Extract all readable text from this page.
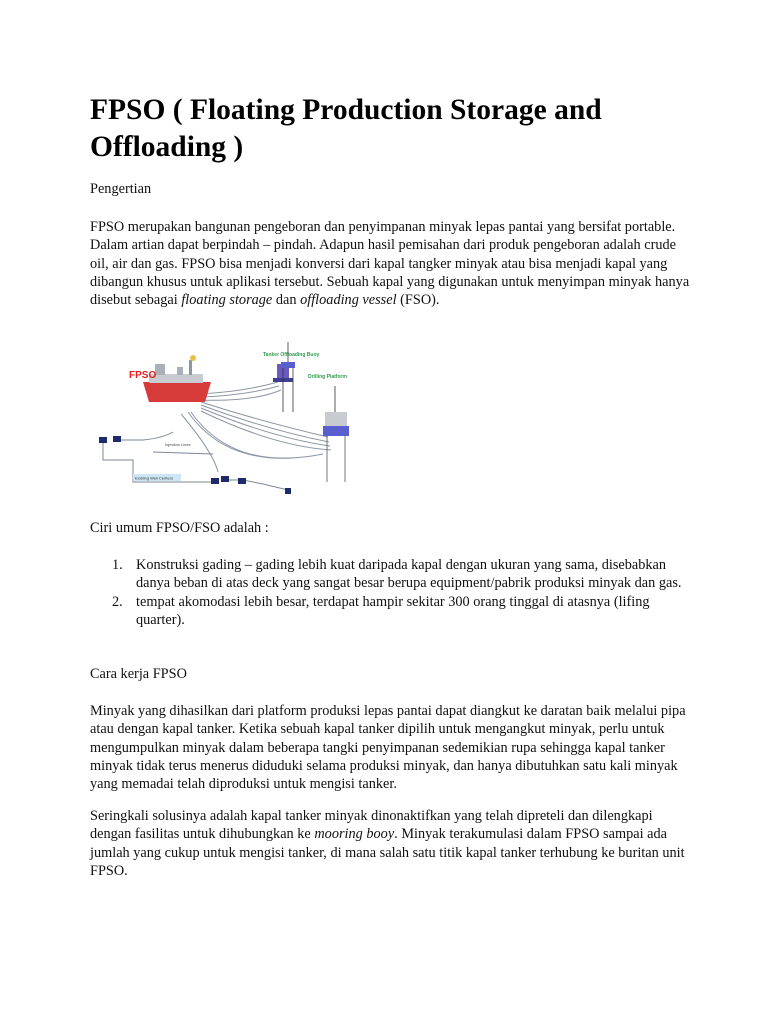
FPSO ( Floating Production Storage and Offloading )

Pengertian

FPSO merupakan bangunan pengeboran dan penyimpanan minyak lepas pantai yang bersifat portable. Dalam artian dapat berpindah – pindah. Adapun hasil pemisahan dari produk pengeboran adalah crude oil, air dan gas. FPSO bisa menjadi konversi dari kapal tangker minyak atau bisa menjadi kapal yang dibangun khusus untuk aplikasi tersebut. Sebuah kapal yang digunakan untuk menyimpan minyak hanya disebut sebagai floating storage dan offloading vessel (FSO).

Ciri umum FPSO/FSO adalah :

1. Konstruksi gading – gading lebih kuat daripada kapal dengan ukuran yang sama, disebabkan danya beban di atas deck yang sangat besar berupa equipment/pabrik produksi minyak dan gas.
2. tempat akomodasi lebih besar, terdapat hampir sekitar 300 orang tinggal di atasnya (lifing quarter).

Cara kerja FPSO

Minyak yang dihasilkan dari platform produksi lepas pantai dapat diangkut ke daratan baik melalui pipa atau dengan kapal tanker. Ketika sebuah kapal tanker dipilih untuk mengangkut minyak, perlu untuk mengumpulkan minyak dalam beberapa tangki penyimpanan sedemikian rupa sehingga kapal tanker minyak tidak terus menerus diduduki selama produksi minyak, dan hanya dibutuhkan satu kali minyak yang memadai telah diproduksi untuk mengisi tanker.

Seringkali solusinya adalah kapal tanker minyak dinonaktifkan yang telah dipreteli dan dilengkapi dengan fasilitas untuk dihubungkan ke mooring booy. Minyak terakumulasi dalam FPSO sampai ada jumlah yang cukup untuk mengisi tanker, di mana salah satu titik kapal tanker terhubung ke buritan unit FPSO.

FPSO
Tanker Offloading Buoy
Drilling Platform
Injection Lines
Existing Well Centers
